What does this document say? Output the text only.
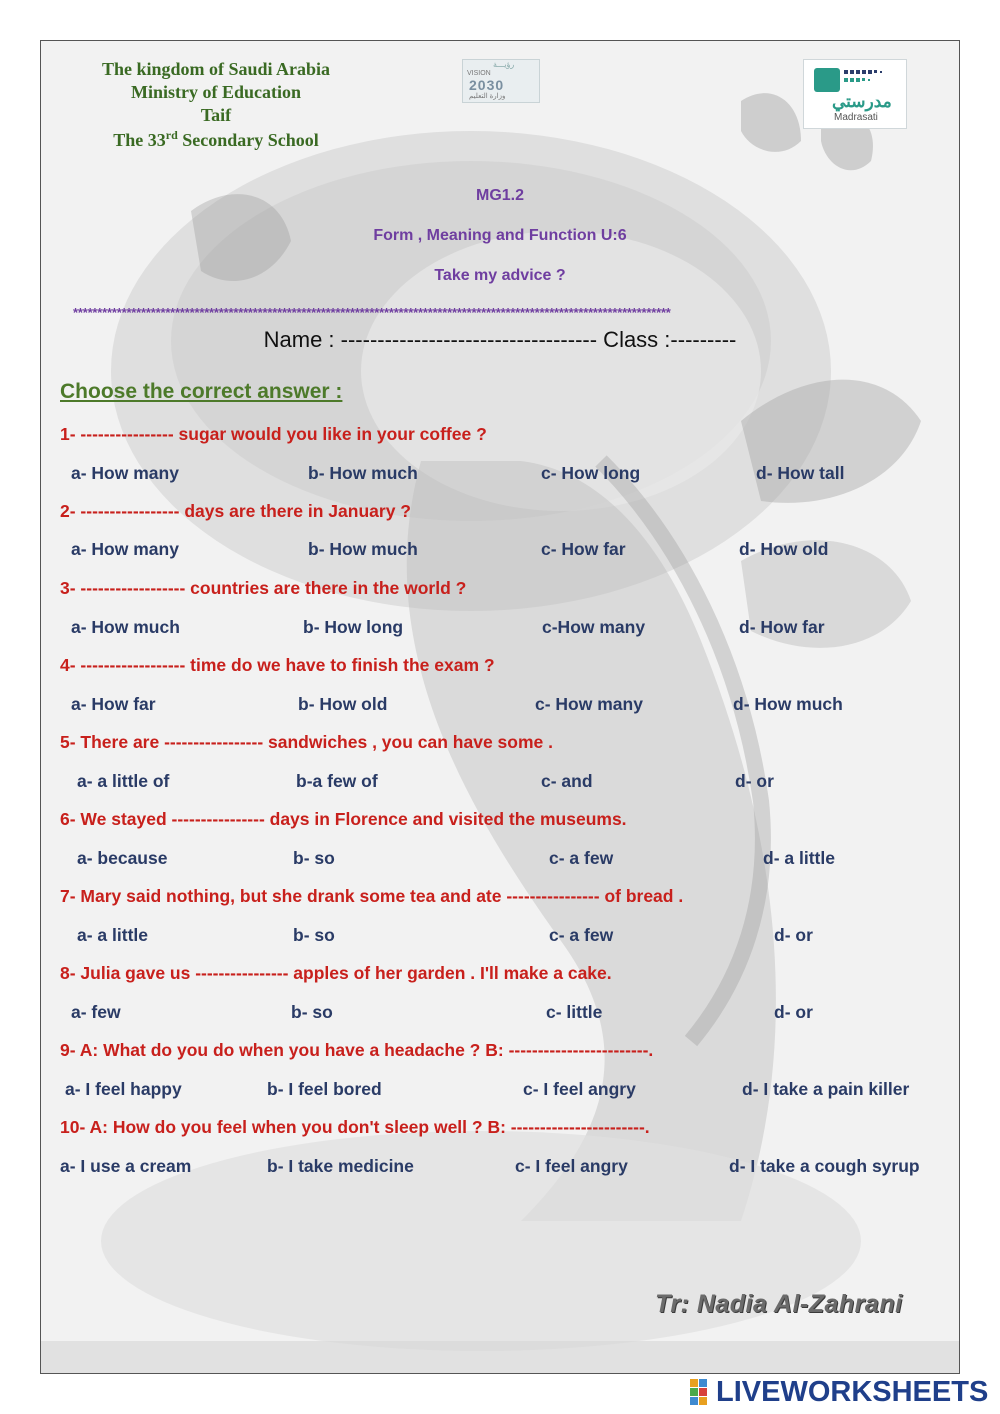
The kingdom of Saudi Arabia
Ministry of Education
Taif
The 33rd Secondary School
رؤيـــة
VISION
2030
وزارة التعليم	مدرستي
Madrasati
MG1.2
Form , Meaning and Function U:6
Take my advice ?
***************************************************************************************************************************
Name : ----------------------------------- Class :---------
Choose the correct answer :
1- ---------------- sugar would you like in your coffee ?
a- How many	b- How much	c- How long	d- How tall
2- ----------------- days are there in January ?
a- How many	b- How much	c- How far	d- How old
3- ------------------ countries are there in the world ?
a- How much	b- How long	c-How many	d- How far
4- ------------------ time do we have to finish the exam ?
a- How far	b- How old	c- How many	d- How much
5- There are ----------------- sandwiches , you can have some .
a- a little of	b-a few of	c- and	d- or
6- We stayed ---------------- days in Florence and visited the museums.
a- because	b- so	c- a few	d- a little
7- Mary said nothing, but she drank some tea and ate ---------------- of bread .
a- a little	b- so	c- a few	d- or
8- Julia gave us ---------------- apples of her garden . I'll make a cake.
a- few	b- so	c- little	d- or
9- A: What do you do when you have a headache ? B: ------------------------.
a- I feel happy	b- I feel bored	c- I feel angry	d- I take a pain killer
10- A: How do you feel when you don't sleep well ? B: -----------------------.
a- I use a cream	b- I take medicine	c- I feel angry	d- I take a cough syrup
Tr: Nadia Al-Zahrani
LIVEWORKSHEETS
